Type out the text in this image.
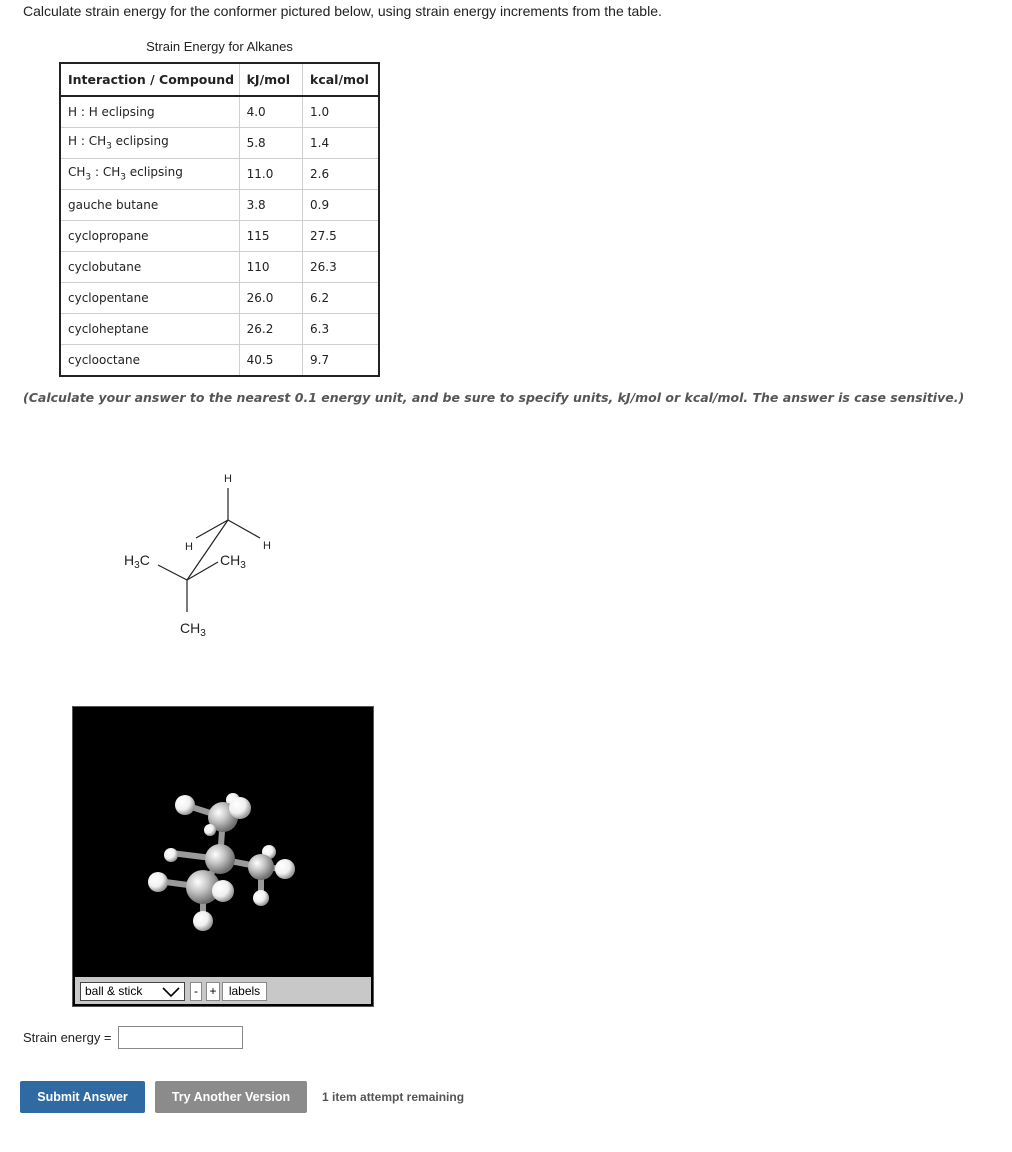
Calculate strain energy for the conformer pictured below, using strain energy increments from the table.
Strain Energy for Alkanes
Interaction / Compound	kJ/mol	kcal/mol
H : H eclipsing	4.0	1.0
H : $CH_3$ eclipsing	5.8	1.4
$CH_3$ : $CH_3$ eclipsing	11.0	2.6
gauche butane	3.8	0.9
cyclopropane	115	27.5
cyclobutane	110	26.3
cyclopentane	26.0	6.2
cycloheptane	26.2	6.3
cyclooctane	40.5	9.7
(Calculate your answer to the nearest 0.1 energy unit, and be sure to specify units, kJ/mol or kcal/mol. The answer is case sensitive.)
H
H	H
$H_3C$	$CH_3$
$CH_3$
ball & stick	- +	labels
Strain energy =
Submit Answer	Try Another Version	1 item attempt remaining
